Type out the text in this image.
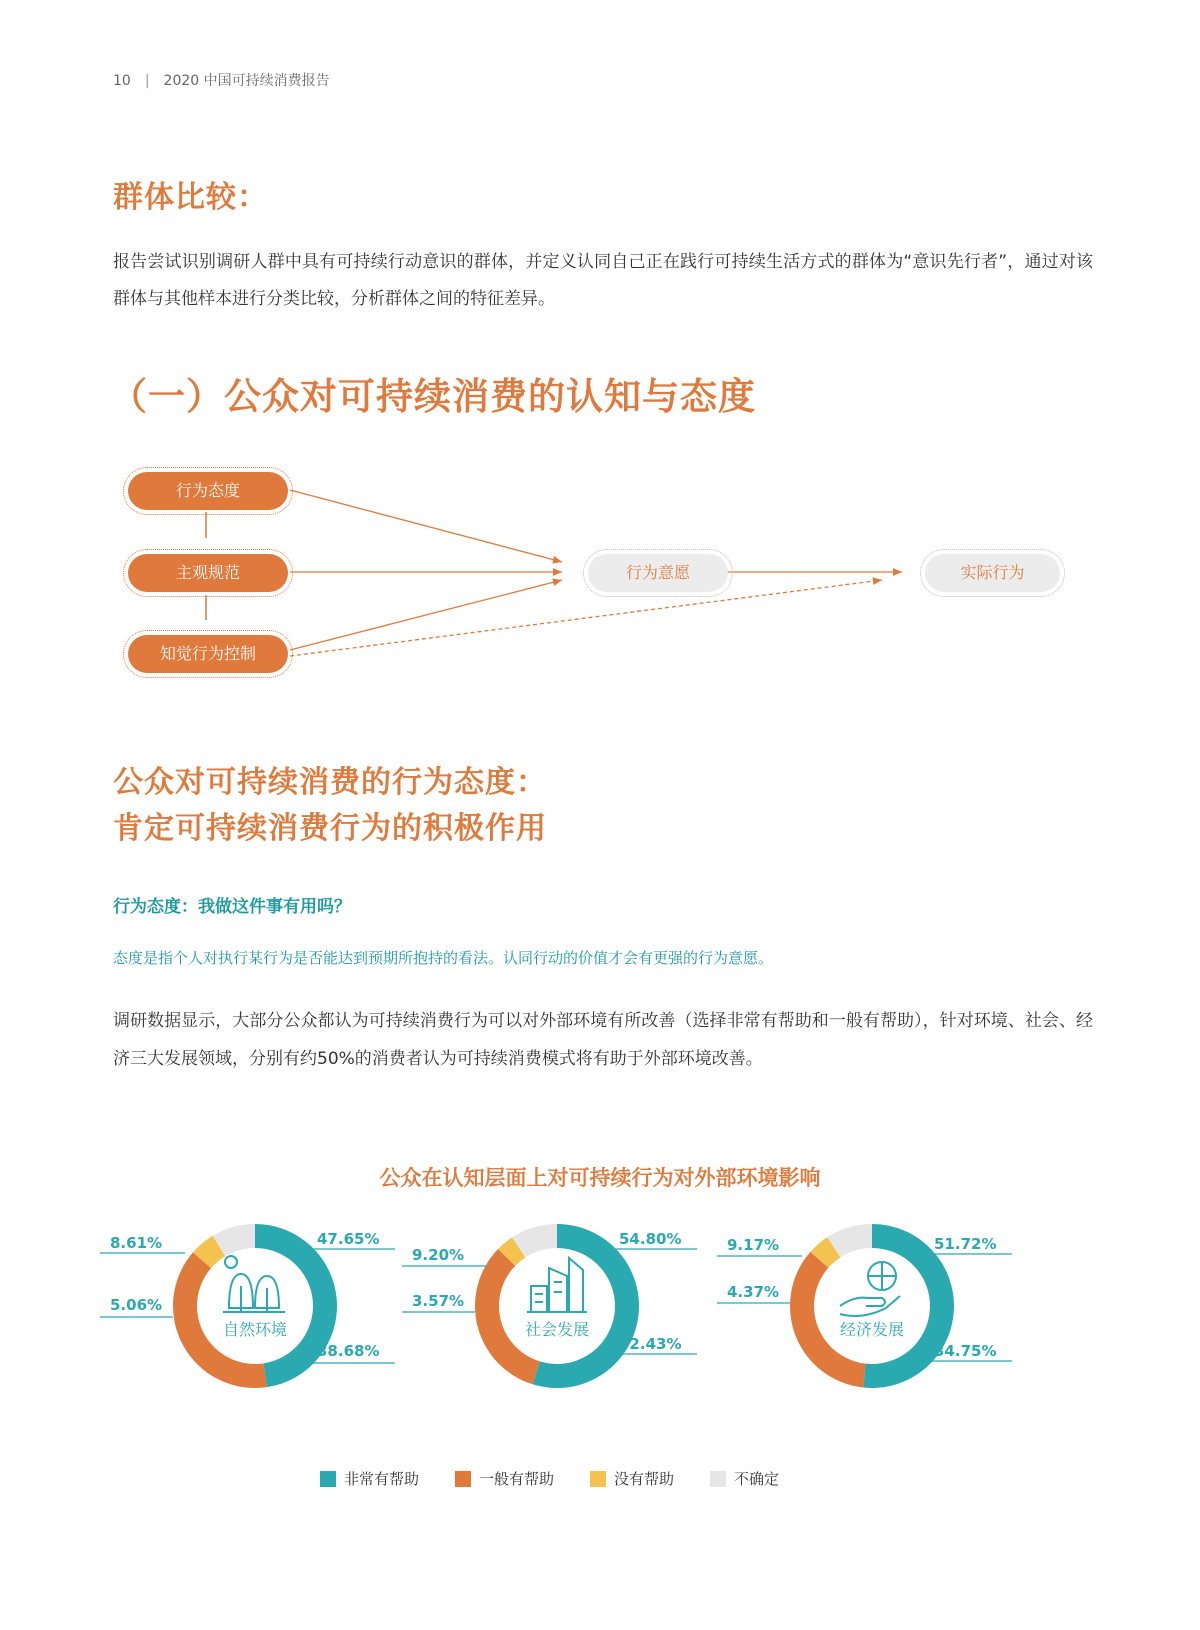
10 | 2020 中国可持续消费报告
群体比较：
报告尝试识别调研人群中具有可持续行动意识的群体，并定义认同自己正在践行可持续生活方式的群体为“意识先行者”，通过对该群体与其他样本进行分类比较，分析群体之间的特征差异。
（一）公众对可持续消费的认知与态度
行为态度
主观规范
知觉行为控制
行为意愿	实际行为
公众对可持续消费的行为态度：
肯定可持续消费行为的积极作用
行为态度：我做这件事有用吗？
态度是指个人对执行某行为是否能达到预期所抱持的看法。认同行动的价值才会有更强的行为意愿。
调研数据显示，大部分公众都认为可持续消费行为可以对外部环境有所改善（选择非常有帮助和一般有帮助），针对环境、社会、经济三大发展领域，分别有约50%的消费者认为可持续消费模式将有助于外部环境改善。
公众在认知层面上对可持续行为对外部环境影响
47.65%
38.68%
5.06%
8.61%
自然环境
54.80%
32.43%
3.57%
9.20%
社会发展
51.72%
34.75%
4.37%
9.17%
经济发展
非常有帮助	一般有帮助	没有帮助	不确定
